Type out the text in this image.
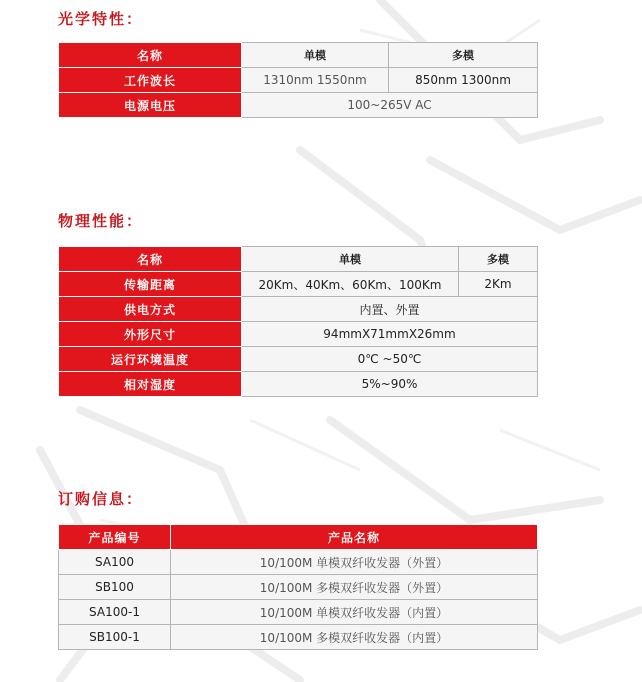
光学特性：
名称	单模	多模
工作波长	1310nm 1550nm	850nm 1300nm
电源电压	100~265V AC	
物理性能：
名称	单模	多模
传输距离	20Km、40Km、60Km、100Km	2Km
供电方式	内置、外置	
外形尺寸	94mmX71mmX26mm	
运行环境温度	0℃ ~50℃	
相对湿度	5%~90%	
订购信息：
产品编号	产品名称
SA100	10/100M 单模双纤收发器（外置）
SB100	10/100M 多模双纤收发器（外置）
SA100-1	10/100M 单模双纤收发器（内置）
SB100-1	10/100M 多模双纤收发器（内置）
